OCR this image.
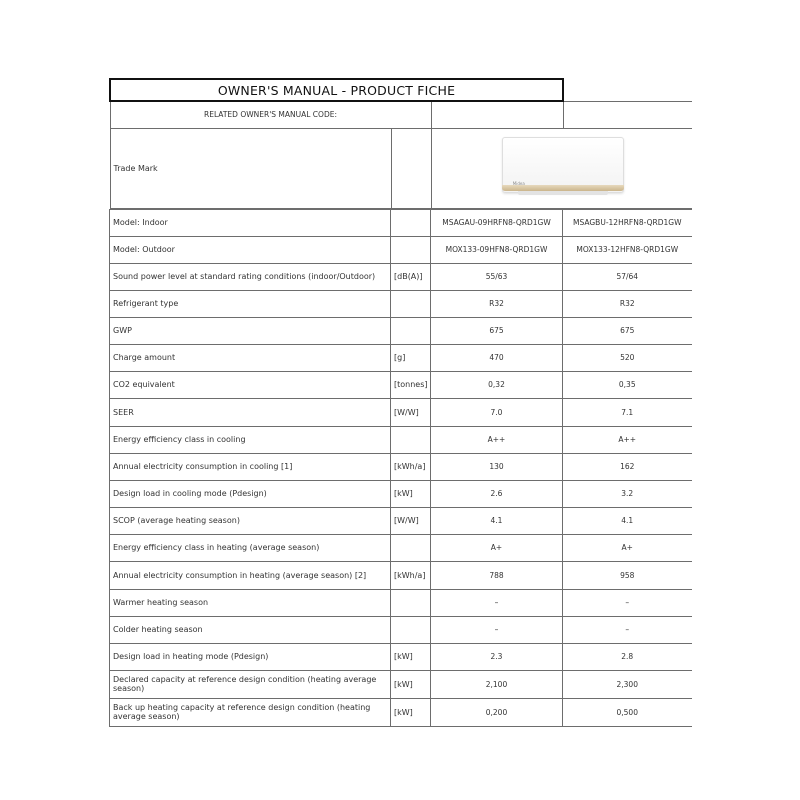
OWNER'S MANUAL - PRODUCT FICHE			
RELATED OWNER'S MANUAL CODE:			
Trade Mark		Midea	
Model: Indoor		MSAGAU-09HRFN8-QRD1GW	MSAGBU-12HRFN8-QRD1GW
Model: Outdoor		MOX133-09HFN8-QRD1GW	MOX133-12HFN8-QRD1GW
Sound power level at standard rating conditions (indoor/Outdoor)	[dB(A)]	55/63	57/64
Refrigerant type		R32	R32
GWP		675	675
Charge amount	[g]	470	520
CO2 equivalent	[tonnes]	0,32	0,35
SEER	[W/W]	7.0	7.1
Energy efficiency class in cooling		A++	A++
Annual electricity consumption in cooling [1]	[kWh/a]	130	162
Design load in cooling mode (Pdesign)	[kW]	2.6	3.2
SCOP (average heating season)	[W/W]	4.1	4.1
Energy efficiency class in heating (average season)		A+	A+
Annual electricity consumption in heating (average season) [2]	[kWh/a]	788	958
Warmer heating season		–	–
Colder heating season		–	–
Design load in heating mode (Pdesign)	[kW]	2.3	2.8
Declared capacity at reference design condition (heating average season)	[kW]	2,100	2,300
Back up heating capacity at reference design condition (heating average season)	[kW]	0,200	0,500
